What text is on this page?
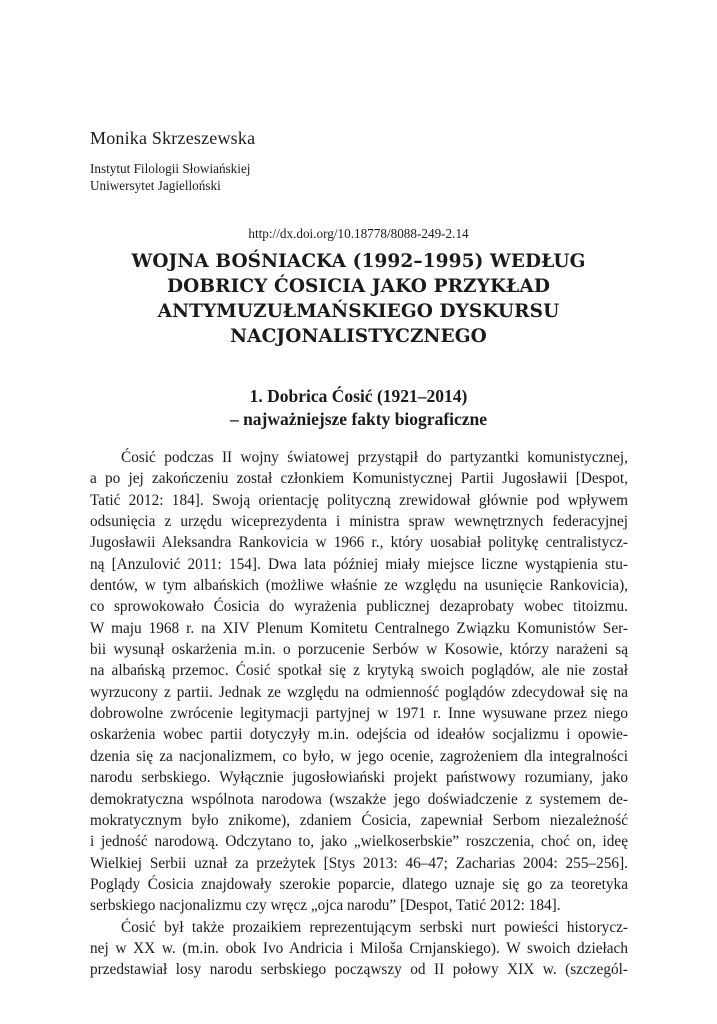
Monika Skrzeszewska
Instytut Filologii Słowiańskiej
Uniwersytet Jagielloński
http://dx.doi.org/10.18778/8088-249-2.14
WOJNA BOŚNIACKA (1992–1995) WEDŁUG
DOBRICY ĆOSICIA JAKO PRZYKŁAD
ANTYMUZUŁMAŃSKIEGO DYSKURSU
NACJONALISTYCZNEGO
1. Dobrica Ćosić (1921–2014)
– najważniejsze fakty biograficzne
Ćosić podczas II wojny światowej przystąpił do partyzantki komunistycznej,
a po jej zakończeniu został członkiem Komunistycznej Partii Jugosławii [Despot,
Tatić 2012: 184]. Swoją orientację polityczną zrewidował głównie pod wpływem
odsunięcia z urzędu wiceprezydenta i ministra spraw wewnętrznych federacyjnej
Jugosławii Aleksandra Rankovicia w 1966 r., który uosabiał politykę centralistycz-
ną [Anzulović 2011: 154]. Dwa lata później miały miejsce liczne wystąpienia stu-
dentów, w tym albańskich (możliwe właśnie ze względu na usunięcie Rankovicia),
co sprowokowało Ćosicia do wyrażenia publicznej dezaprobaty wobec titoizmu.
W maju 1968 r. na XIV Plenum Komitetu Centralnego Związku Komunistów Ser-
bii wysunął oskarżenia m.in. o porzucenie Serbów w Kosowie, którzy narażeni są
na albańską przemoc. Ćosić spotkał się z krytyką swoich poglądów, ale nie został
wyrzucony z partii. Jednak ze względu na odmienność poglądów zdecydował się na
dobrowolne zwrócenie legitymacji partyjnej w 1971 r. Inne wysuwane przez niego
oskarżenia wobec partii dotyczyły m.in. odejścia od ideałów socjalizmu i opowie-
dzenia się za nacjonalizmem, co było, w jego ocenie, zagrożeniem dla integralności
narodu serbskiego. Wyłącznie jugosłowiański projekt państwowy rozumiany, jako
demokratyczna wspólnota narodowa (wszakże jego doświadczenie z systemem de-
mokratycznym było znikome), zdaniem Ćosicia, zapewniał Serbom niezależność
i jedność narodową. Odczytano to, jako „wielkoserbskie” roszczenia, choć on, ideę
Wielkiej Serbii uznał za przeżytek [Stys 2013: 46–47; Zacharias 2004: 255–256].
Poglądy Ćosicia znajdowały szerokie poparcie, dlatego uznaje się go za teoretyka
serbskiego nacjonalizmu czy wręcz „ojca narodu” [Despot, Tatić 2012: 184].
Ćosić był także prozaikiem reprezentującym serbski nurt powieści historycz-
nej w XX w. (m.in. obok Ivo Andricia i Miloša Crnjanskiego). W swoich dziełach
przedstawiał losy narodu serbskiego począwszy od II połowy XIX w. (szczegól-
